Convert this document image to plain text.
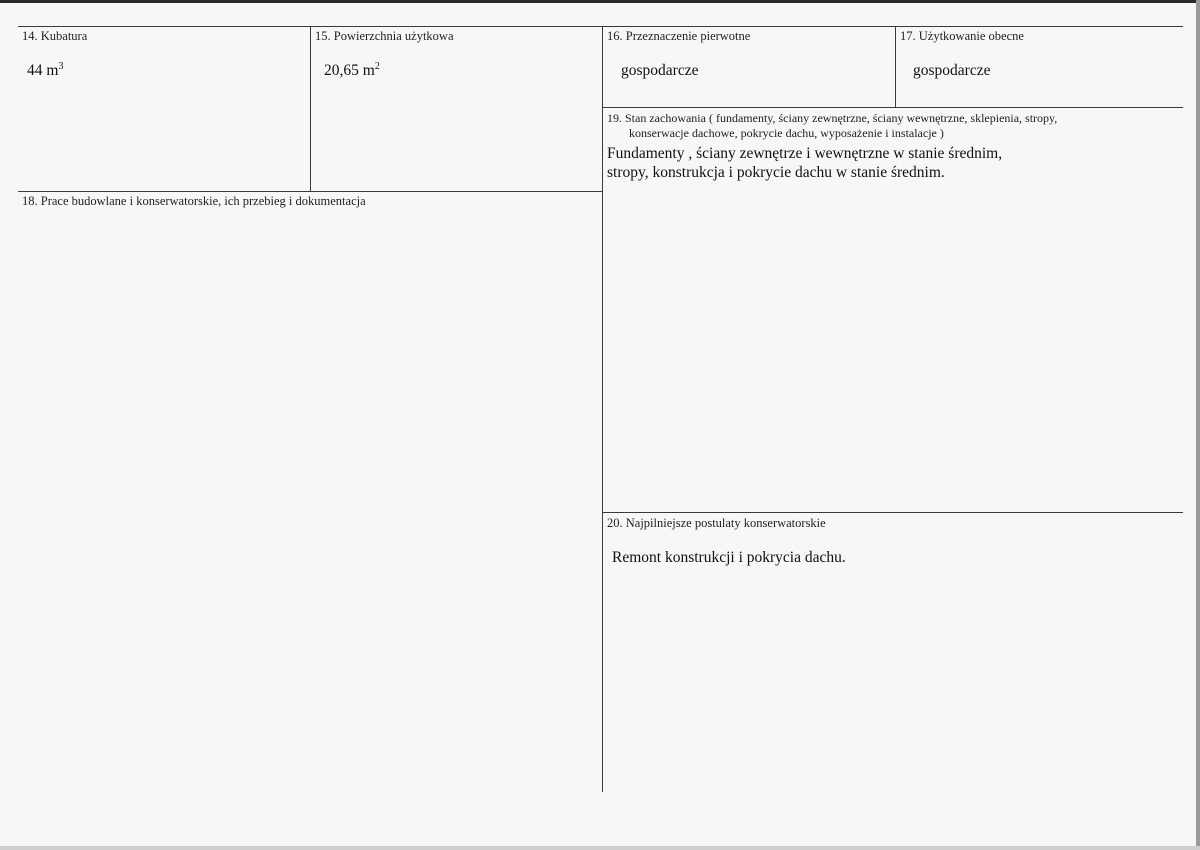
14. Kubatura
44 $m^3$
15. Powierzchnia użytkowa
20,65 $m^2$
16. Przeznaczenie pierwotne
gospodarcze
17. Użytkowanie obecne
gospodarcze
18. Prace budowlane i konserwatorskie, ich przebieg i dokumentacja
19. Stan zachowania ( fundamenty, ściany zewnętrzne, ściany wewnętrzne, sklepienia, stropy,
konserwacje dachowe, pokrycie dachu, wyposażenie i instalacje )
Fundamenty , ściany zewnętrze i wewnętrzne w stanie średnim,
stropy, konstrukcja i pokrycie dachu w stanie średnim.
20. Najpilniejsze postulaty konserwatorskie
Remont konstrukcji i pokrycia dachu.
